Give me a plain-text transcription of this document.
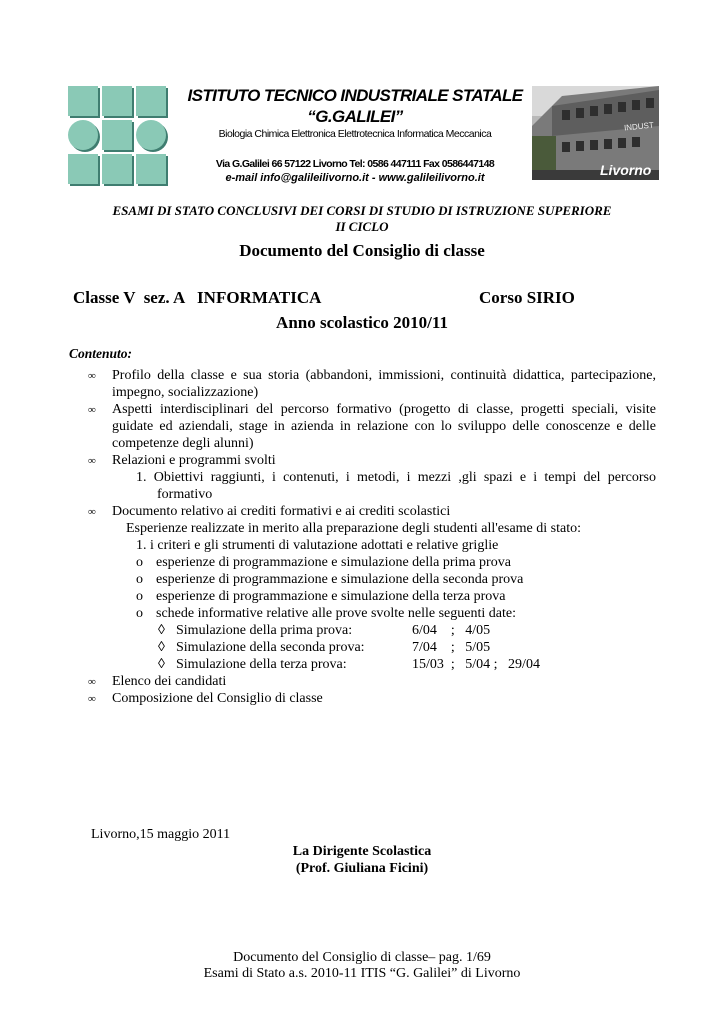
ISTITUTO TECNICO INDUSTRIALE STATALE
“G.GALILEI”
Biologia Chimica Elettronica Elettrotecnica Informatica Meccanica
Via G.Galilei 66 57122 Livorno Tel: 0586 447111 Fax 0586447148
e-mail info@galileilivorno.it - www.galileilivorno.it
INDUST
Livorno
ESAMI DI STATO CONCLUSIVI DEI CORSI DI STUDIO DI ISTRUZIONE SUPERIORE
II CICLO
Documento del Consiglio di classe
Classe V  sez. A   INFORMATICA	Corso SIRIO
Anno scolastico 2010/11
Contenuto:
∞ Profilo della classe e sua storia (abbandoni, immissioni, continuità didattica, partecipazione,
impegno, socializzazione)
∞ Aspetti interdisciplinari del percorso formativo (progetto di classe, progetti speciali, visite
guidate ed aziendali, stage in azienda in relazione con lo sviluppo delle conoscenze e delle
competenze degli alunni)
∞ Relazioni e programmi svolti
1. Obiettivi raggiunti, i contenuti, i metodi, i mezzi ,gli spazi e i tempi del percorso
formativo
∞ Documento relativo ai crediti formativi e ai crediti scolastici
Esperienze realizzate in merito alla preparazione degli studenti all'esame di stato:
1. i criteri e gli strumenti di valutazione adottati e relative griglie
o esperienze di programmazione e simulazione della prima prova
o esperienze di programmazione e simulazione della seconda prova
o esperienze di programmazione e simulazione della terza prova
o schede informative relative alle prove svolte nelle seguenti date:
◊ Simulazione della prima prova:	6/04    ;   4/05
◊ Simulazione della seconda prova:	7/04    ;   5/05
◊ Simulazione della terza prova:	15/03  ;   5/04 ;   29/04
∞ Elenco dei candidati
∞ Composizione del Consiglio di classe
Livorno,15 maggio 2011
La Dirigente Scolastica
(Prof. Giuliana Ficini)
Documento del Consiglio di classe– pag. 1/69
Esami di Stato a.s. 2010-11 ITIS “G. Galilei” di Livorno
